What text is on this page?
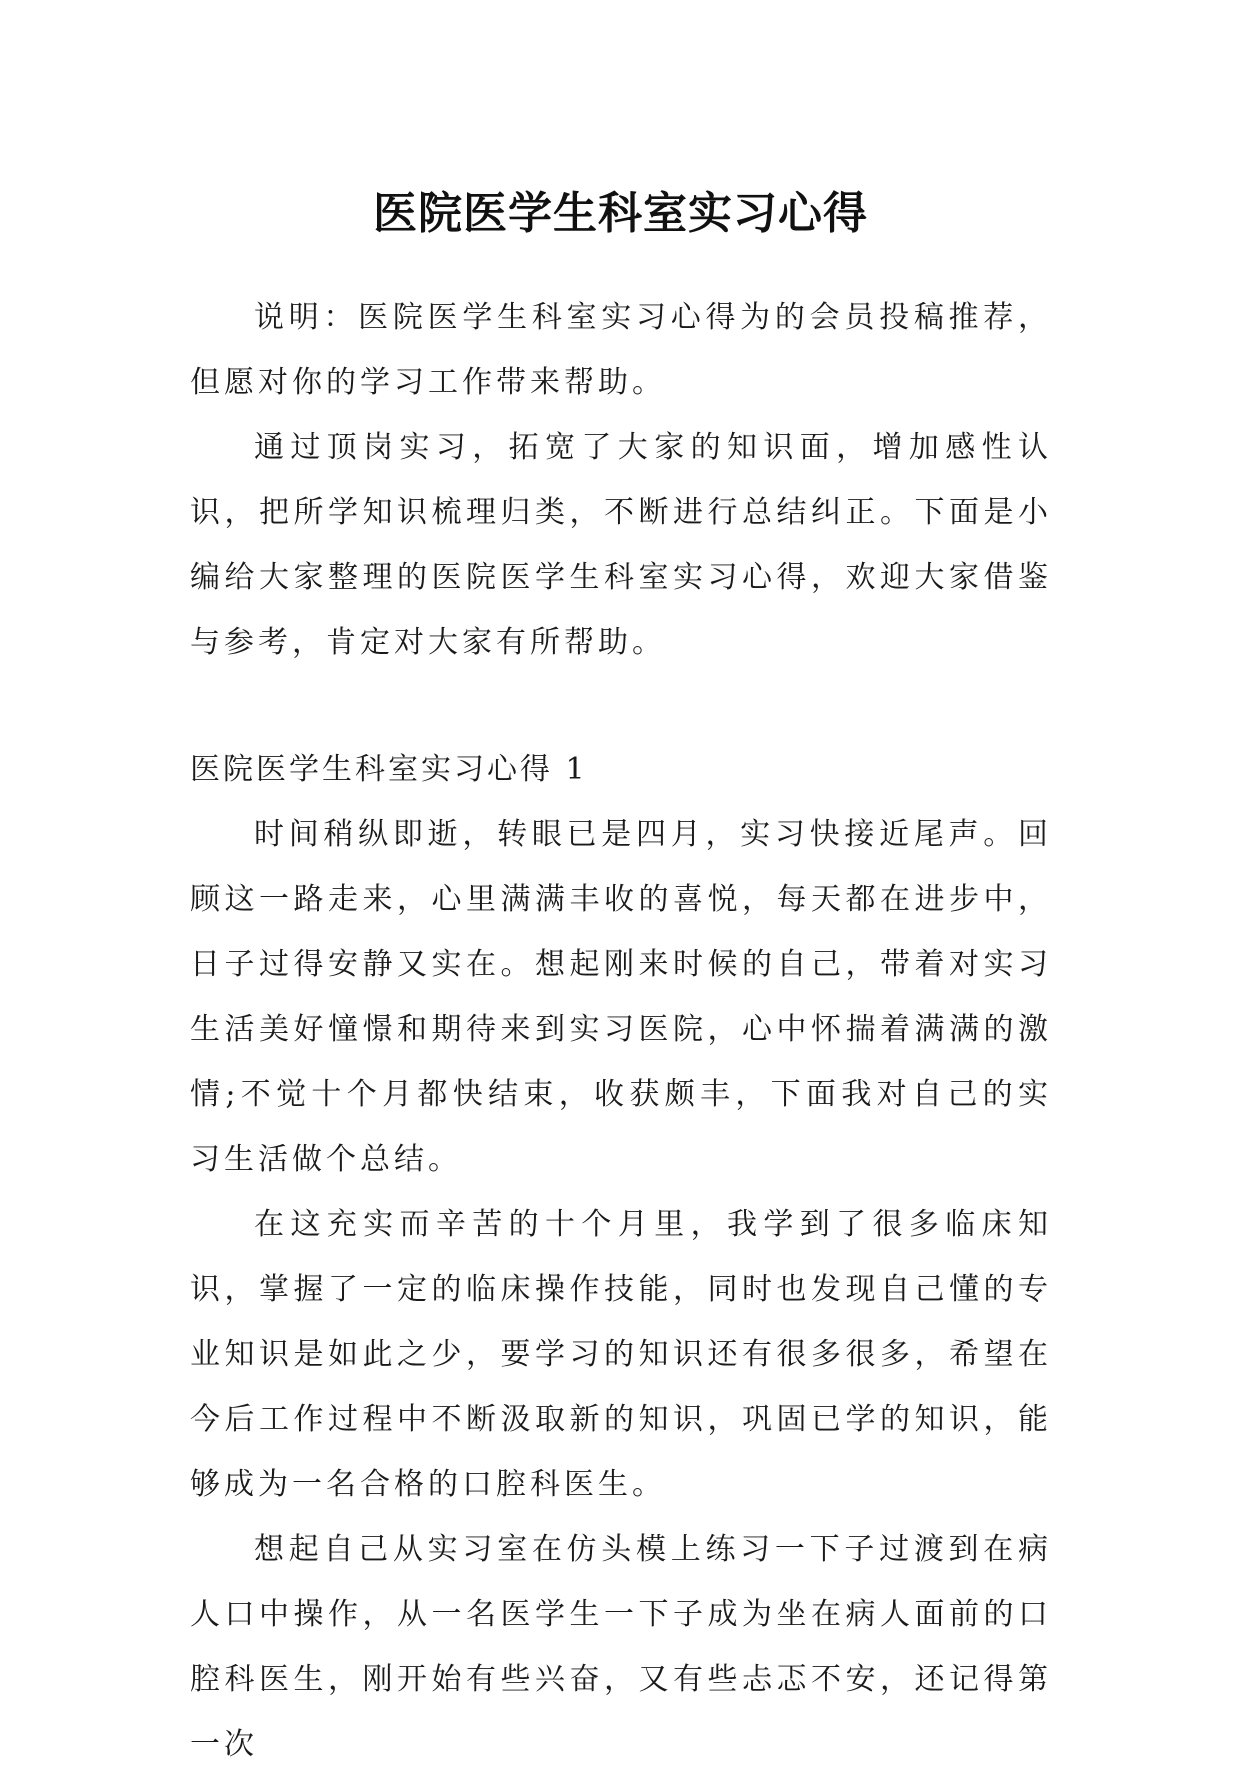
医院医学生科室实习心得

说明：医院医学生科室实习心得为的会员投稿推荐，但愿对你的学习工作带来帮助。

通过顶岗实习，拓宽了大家的知识面，增加感性认识，把所学知识梳理归类，不断进行总结纠正。下面是小编给大家整理的医院医学生科室实习心得，欢迎大家借鉴与参考，肯定对大家有所帮助。

医院医学生科室实习心得 1

时间稍纵即逝，转眼已是四月，实习快接近尾声。回顾这一路走来，心里满满丰收的喜悦，每天都在进步中，日子过得安静又实在。想起刚来时候的自己，带着对实习生活美好憧憬和期待来到实习医院，心中怀揣着满满的激情;不觉十个月都快结束，收获颇丰，下面我对自己的实习生活做个总结。

在这充实而辛苦的十个月里，我学到了很多临床知识，掌握了一定的临床操作技能，同时也发现自己懂的专业知识是如此之少，要学习的知识还有很多很多，希望在今后工作过程中不断汲取新的知识，巩固已学的知识，能够成为一名合格的口腔科医生。

想起自己从实习室在仿头模上练习一下子过渡到在病人口中操作，从一名医学生一下子成为坐在病人面前的口腔科医生，刚开始有些兴奋，又有些忐忑不安，还记得第一次
